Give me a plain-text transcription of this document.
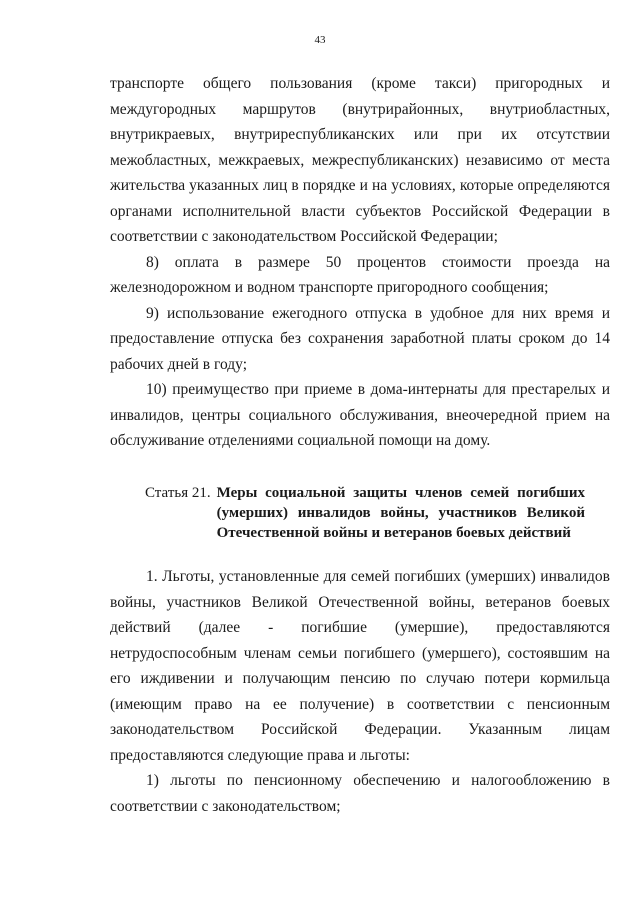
43

транспорте общего пользования (кроме такси) пригородных и междугородных маршрутов (внутрирайонных, внутриобластных, внутрикраевых, внутриреспубликанских или при их отсутствии межобластных, межкраевых, межреспубликанских) независимо от места жительства указанных лиц в порядке и на условиях, которые определяются органами исполнительной власти субъектов Российской Федерации в соответствии с законодательством Российской Федерации;

8) оплата в размере 50 процентов стоимости проезда на железнодорожном и водном транспорте пригородного сообщения;

9) использование ежегодного отпуска в удобное для них время и предоставление отпуска без сохранения заработной платы сроком до 14 рабочих дней в году;

10) преимущество при приеме в дома-интернаты для престарелых и инвалидов, центры социального обслуживания, внеочередной прием на обслуживание отделениями социальной помощи на дому.

Статья 21. Меры социальной защиты членов семей погибших (умерших) инвалидов войны, участников Великой Отечественной войны и ветеранов боевых действий

1. Льготы, установленные для семей погибших (умерших) инвалидов войны, участников Великой Отечественной войны, ветеранов боевых действий (далее - погибшие (умершие), предоставляются нетрудоспособным членам семьи погибшего (умершего), состоявшим на его иждивении и получающим пенсию по случаю потери кормильца (имеющим право на ее получение) в соответствии с пенсионным законодательством Российской Федерации. Указанным лицам предоставляются следующие права и льготы:

1) льготы по пенсионному обеспечению и налогообложению в соответствии с законодательством;
